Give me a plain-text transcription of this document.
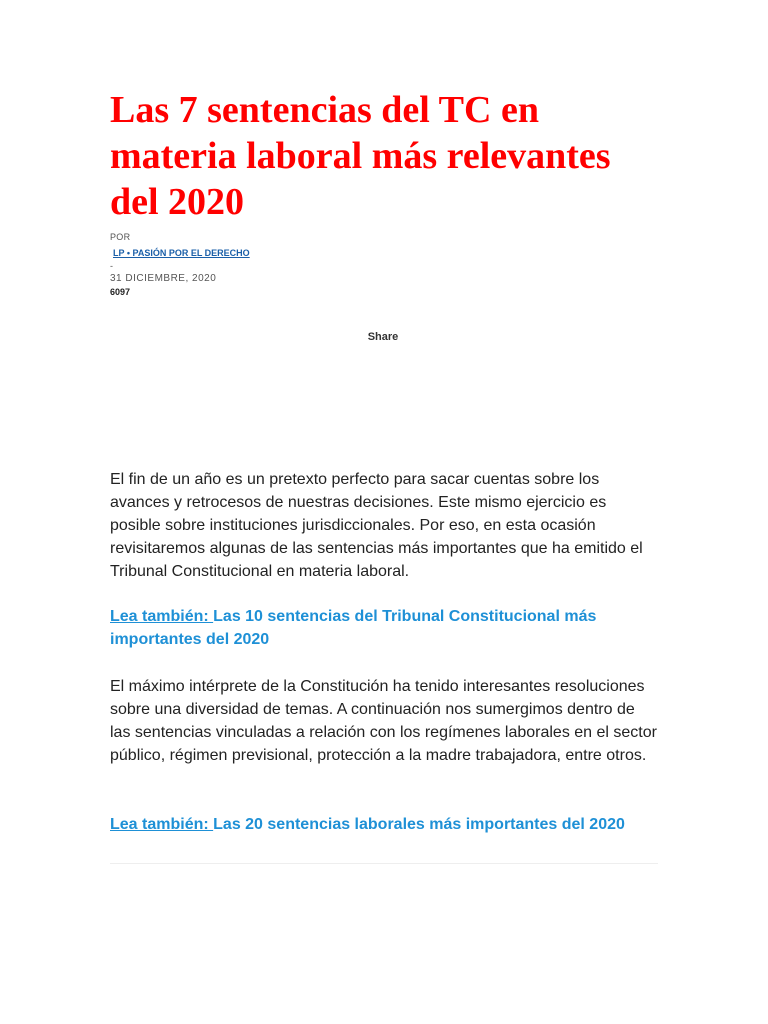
Las 7 sentencias del TC en materia laboral más relevantes del 2020
POR
LP • PASIÓN POR EL DERECHO
-
31 DICIEMBRE, 2020
6097
Share

El fin de un año es un pretexto perfecto para sacar cuentas sobre los avances y retrocesos de nuestras decisiones. Este mismo ejercicio es posible sobre instituciones jurisdiccionales. Por eso, en esta ocasión revisitaremos algunas de las sentencias más importantes que ha emitido el Tribunal Constitucional en materia laboral.

Lea también: Las 10 sentencias del Tribunal Constitucional más importantes del 2020

El máximo intérprete de la Constitución ha tenido interesantes resoluciones sobre una diversidad de temas. A continuación nos sumergimos dentro de las sentencias vinculadas a relación con los regímenes laborales en el sector público, régimen previsional, protección a la madre trabajadora, entre otros.

Lea también: Las 20 sentencias laborales más importantes del 2020
